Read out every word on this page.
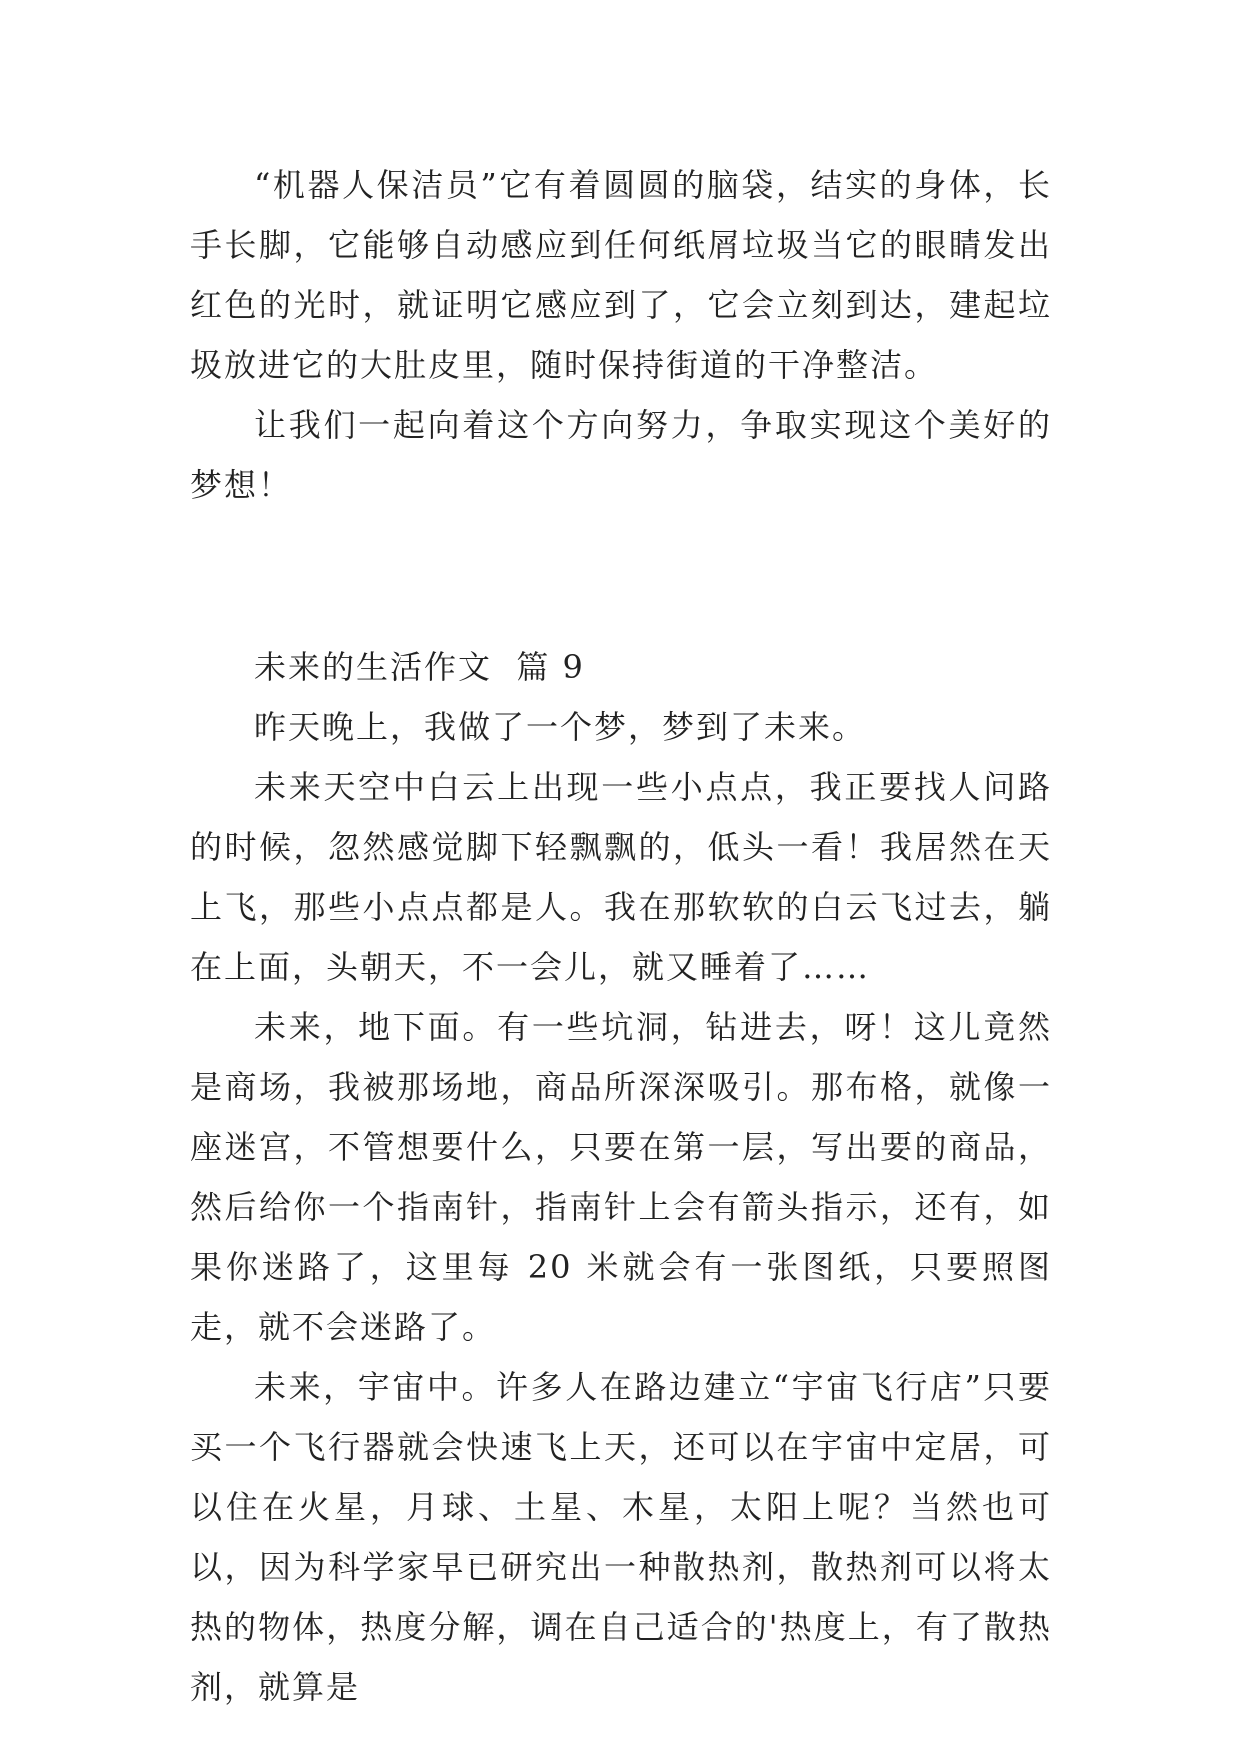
“机器人保洁员”它有着圆圆的脑袋，结实的身体，长手长脚，它能够自动感应到任何纸屑垃圾当它的眼睛发出红色的光时，就证明它感应到了，它会立刻到达，建起垃圾放进它的大肚皮里，随时保持街道的干净整洁。

让我们一起向着这个方向努力，争取实现这个美好的梦想！

未来的生活作文  篇 9

昨天晚上，我做了一个梦，梦到了未来。

未来天空中白云上出现一些小点点，我正要找人问路的时候，忽然感觉脚下轻飘飘的，低头一看！我居然在天上飞，那些小点点都是人。我在那软软的白云飞过去，躺在上面，头朝天，不一会儿，就又睡着了……

未来，地下面。有一些坑洞，钻进去，呀！这儿竟然是商场，我被那场地，商品所深深吸引。那布格，就像一座迷宫，不管想要什么，只要在第一层，写出要的商品，然后给你一个指南针，指南针上会有箭头指示，还有，如果你迷路了，这里每 20 米就会有一张图纸，只要照图走，就不会迷路了。

未来，宇宙中。许多人在路边建立“宇宙飞行店”只要买一个飞行器就会快速飞上天，还可以在宇宙中定居，可以住在火星，月球、土星、木星，太阳上呢？当然也可以，因为科学家早已研究出一种散热剂，散热剂可以将太热的物体，热度分解，调在自己适合的'热度上，有了散热剂，就算是
